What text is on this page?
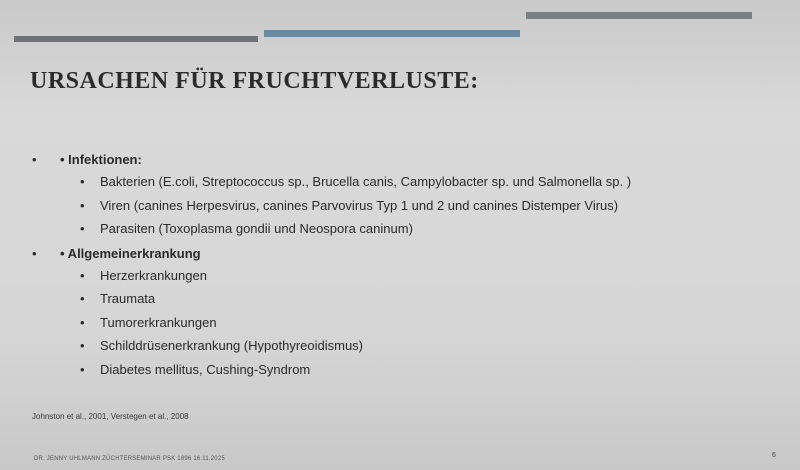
URSACHEN FÜR FRUCHTVERLUSTE:
• • Infektionen:
• Bakterien (E.coli, Streptococcus sp., Brucella canis, Campylobacter sp. und Salmonella sp. )
• Viren (canines Herpesvirus, canines Parvovirus Typ 1 und 2 und canines Distemper Virus)
• Parasiten (Toxoplasma gondii und Neospora caninum)
• • Allgemeinerkrankung
• Herzerkrankungen
• Traumata
• Tumorerkrankungen
• Schilddrüsenerkrankung (Hypothyreoidismus)
• Diabetes mellitus, Cushing-Syndrom
Johnston et al., 2001, Verstegen et al., 2008
DR. JENNY UHLMANN ZÜCHTERSEMINAR PSK 1896 16.11.2025	6
